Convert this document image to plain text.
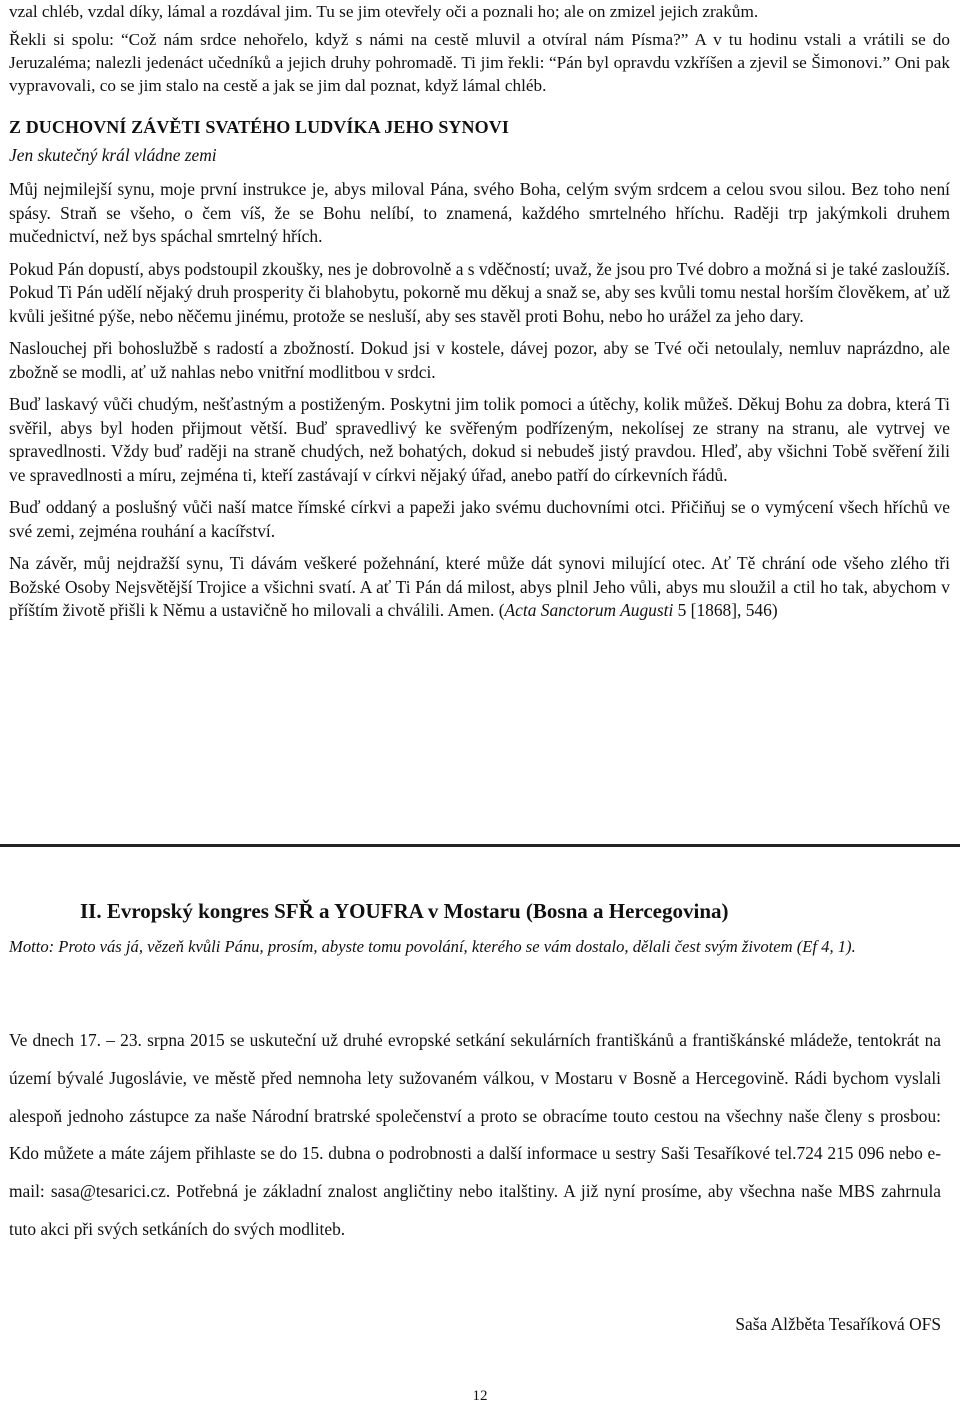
vzal chléb, vzdal díky, lámal a rozdával jim. Tu se jim otevřely oči a poznali ho; ale on zmizel jejich zrakům.

Řekli si spolu: “Což nám srdce nehořelo, když s námi na cestě mluvil a otvíral nám Písma?” A v tu hodinu vstali a vrátili se do Jeruzaléma; nalezli jedenáct učedníků a jejich druhy pohromadě. Ti jim řekli: “Pán byl opravdu vzkříšen a zjevil se Šimonovi.” Oni pak vypravovali, co se jim stalo na cestě a jak se jim dal poznat, když lámal chléb.

Z DUCHOVNÍ ZÁVĚTI SVATÉHO LUDVÍKA JEHO SYNOVI
Jen skutečný král vládne zemi

Můj nejmilejší synu, moje první instrukce je, abys miloval Pána, svého Boha, celým svým srdcem a celou svou silou. Bez toho není spásy. Straň se všeho, o čem víš, že se Bohu nelíbí, to znamená, každého smrtelného hříchu. Raději trp jakýmkoli druhem mučednictví, než bys spáchal smrtelný hřích.

Pokud Pán dopustí, abys podstoupil zkoušky, nes je dobrovolně a s vděčností; uvaž, že jsou pro Tvé dobro a možná si je také zasloužíš. Pokud Ti Pán udělí nějaký druh prosperity či blahobytu, pokorně mu děkuj a snaž se, aby ses kvůli tomu nestal horším člověkem, ať už kvůli ješitné pýše, nebo něčemu jinému, protože se nesluší, aby ses stavěl proti Bohu, nebo ho urážel za jeho dary.

Naslouchej při bohoslužbě s radostí a zbožností. Dokud jsi v kostele, dávej pozor, aby se Tvé oči netoulaly, nemluv naprázdno, ale zbožně se modli, ať už nahlas nebo vnitřní modlitbou v srdci.

Buď laskavý vůči chudým, nešťastným a postiženým. Poskytni jim tolik pomoci a útěchy, kolik můžeš. Děkuj Bohu za dobra, která Ti svěřil, abys byl hoden přijmout větší. Buď spravedlivý ke svěřeným podřízeným, nekolísej ze strany na stranu, ale vytrvej ve spravedlnosti. Vždy buď raději na straně chudých, než bohatých, dokud si nebudeš jistý pravdou. Hleď, aby všichni Tobě svěření žili ve spravedlnosti a míru, zejména ti, kteří zastávají v církvi nějaký úřad, anebo patří do církevních řádů.

Buď oddaný a poslušný vůči naší matce římské církvi a papeži jako svému duchovními otci. Přičiňuj se o vymýcení všech hříchů ve své zemi, zejména rouhání a kacířství.

Na závěr, můj nejdražší synu, Ti dávám veškeré požehnání, které může dát synovi milující otec. Ať Tě chrání ode všeho zlého tři Božské Osoby Nejsvětější Trojice a všichni svatí. A ať Ti Pán dá milost, abys plnil Jeho vůli, abys mu sloužil a ctil ho tak, abychom v příštím životě přišli k Němu a ustavičně ho milovali a chválili. Amen. (Acta Sanctorum Augusti 5 [1868], 546)

II. Evropský kongres SFŘ a YOUFRA v Mostaru (Bosna a Hercegovina)

Motto: Proto vás já, vězeň kvůli Pánu, prosím, abyste tomu povolání, kterého se vám dostalo, dělali čest svým životem (Ef 4, 1).

Ve dnech 17. – 23. srpna 2015 se uskuteční už druhé evropské setkání sekulárních františkánů a františkánské mládeže, tentokrát na území bývalé Jugoslávie, ve městě před nemnoha lety sužovaném válkou, v Mostaru v Bosně a Hercegovině. Rádi bychom vyslali alespoň jednoho zástupce za naše Národní bratrské společenství a proto se obracíme touto cestou na všechny naše členy s prosbou: Kdo můžete a máte zájem přihlaste se do 15. dubna o podrobnosti a další informace u sestry Saši Tesaříkové tel.724 215 096 nebo e-mail: sasa@tesarici.cz. Potřebná je základní znalost angličtiny nebo italštiny. A již nyní prosíme, aby všechna naše MBS zahrnula tuto akci při svých setkáních do svých modliteb.

Saša Alžběta Tesaříková OFS
12
